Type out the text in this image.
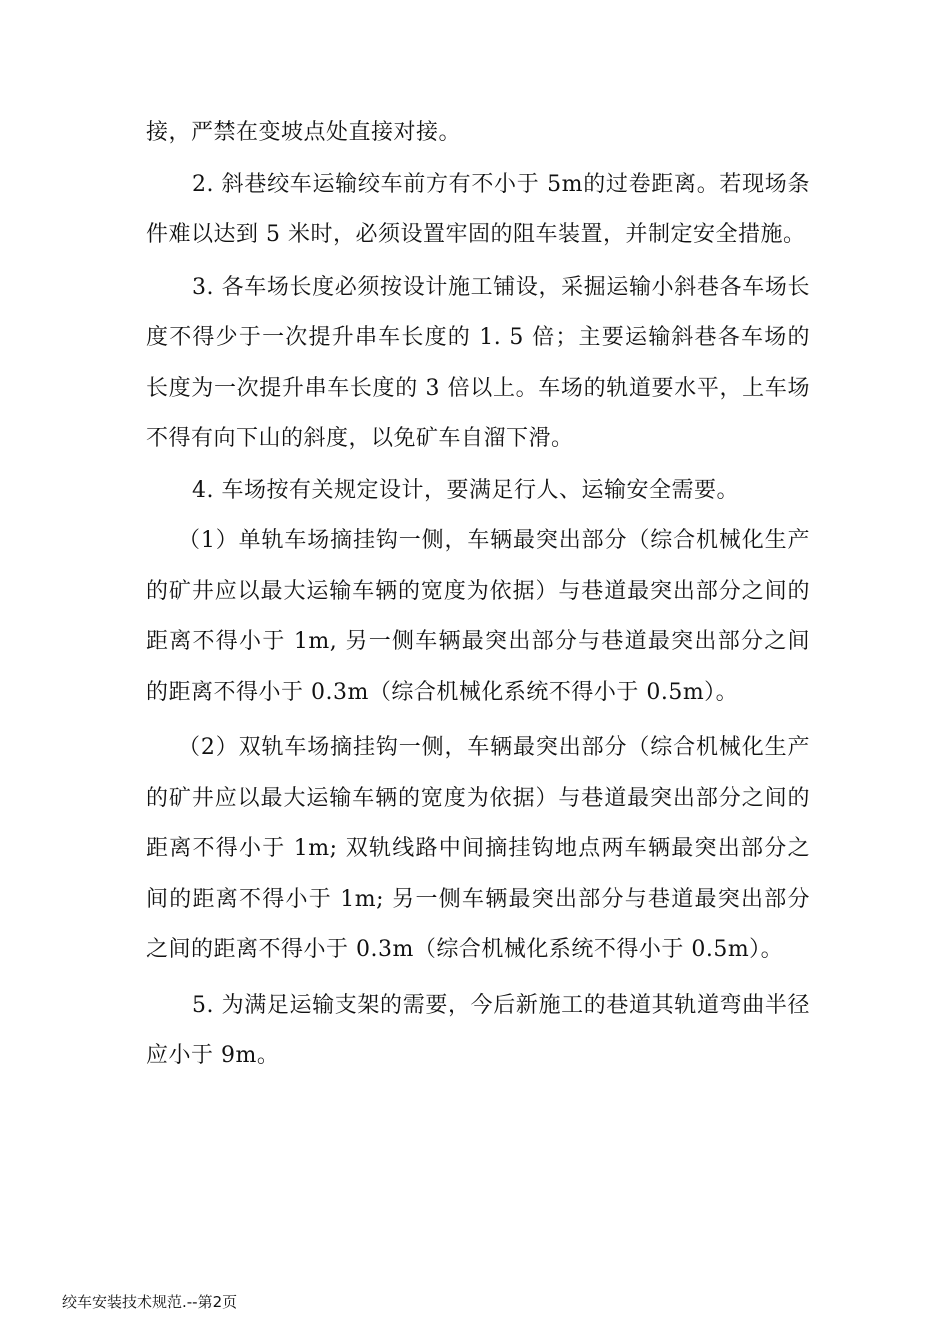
接，严禁在变坡点处直接对接。

2. 斜巷绞车运输绞车前方有不小于 5m的过卷距离。若现场条件难以达到 5 米时，必须设置牢固的阻车装置，并制定安全措施。

3. 各车场长度必须按设计施工铺设，采掘运输小斜巷各车场长度不得少于一次提升串车长度的 1. 5 倍；主要运输斜巷各车场的长度为一次提升串车长度的 3 倍以上。车场的轨道要水平，上车场不得有向下山的斜度，以免矿车自溜下滑。

4. 车场按有关规定设计，要满足行人、运输安全需要。

（1）单轨车场摘挂钩一侧，车辆最突出部分（综合机械化生产的矿井应以最大运输车辆的宽度为依据）与巷道最突出部分之间的距离不得小于 1m, 另一侧车辆最突出部分与巷道最突出部分之间的距离不得小于 0.3m（综合机械化系统不得小于 0.5m）。

（2）双轨车场摘挂钩一侧，车辆最突出部分（综合机械化生产的矿井应以最大运输车辆的宽度为依据）与巷道最突出部分之间的距离不得小于 1m; 双轨线路中间摘挂钩地点两车辆最突出部分之间的距离不得小于 1m; 另一侧车辆最突出部分与巷道最突出部分之间的距离不得小于 0.3m（综合机械化系统不得小于 0.5m）。

5. 为满足运输支架的需要，今后新施工的巷道其轨道弯曲半径应小于 9m。

绞车安装技术规范.--第2页
